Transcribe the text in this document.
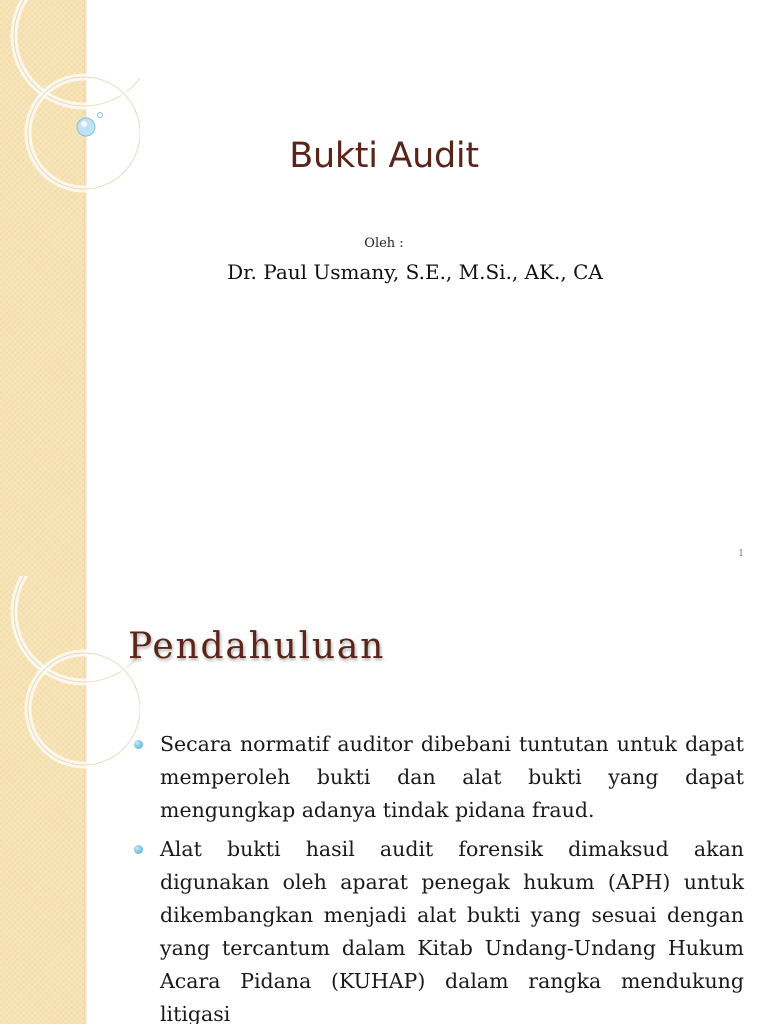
Bukti Audit
Oleh :
Dr. Paul Usmany, S.E., M.Si., AK., CA
1
Pendahuluan
Secara normatif auditor dibebani tuntutan untuk dapat memperoleh bukti dan alat bukti yang dapat mengungkap adanya tindak pidana fraud.
Alat bukti hasil audit forensik dimaksud akan digunakan oleh aparat penegak hukum (APH) untuk dikembangkan menjadi alat bukti yang sesuai dengan yang tercantum dalam Kitab Undang-Undang Hukum Acara Pidana (KUHAP) dalam rangka mendukung litigasi
